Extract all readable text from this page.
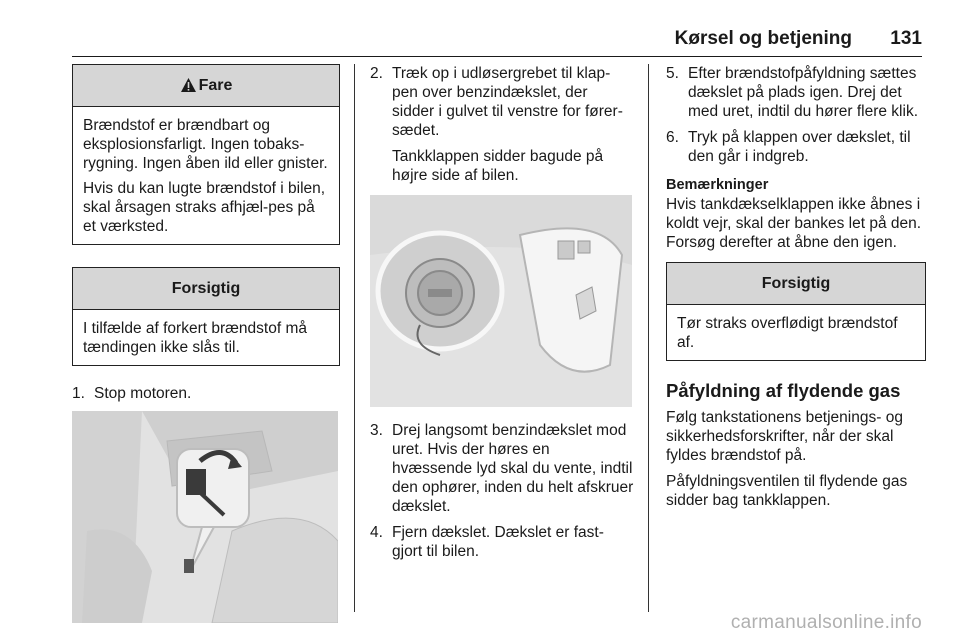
Kørsel og betjening 131
Fare

Brændstof er brændbart og eksplosionsfarligt. Ingen tobaks-rygning. Ingen åben ild eller gnister.

Hvis du kan lugte brændstof i bilen, skal årsagen straks afhjæl-pes på et værksted.

Forsigtig

I tilfælde af forkert brændstof må tændingen ikke slås til.

1. Stop motoren.
2. Træk op i udløsergrebet til klap-pen over benzindækslet, der sidder i gulvet til venstre for fører-sædet.

Tankklappen sidder bagude på højre side af bilen.

3. Drej langsomt benzindækslet mod uret. Hvis der høres en hvæssende lyd skal du vente, indtil den ophører, inden du helt afskruer dækslet.
4. Fjern dækslet. Dækslet er fast-gjort til bilen.
5. Efter brændstofpåfyldning sættes dækslet på plads igen. Drej det med uret, indtil du hører flere klik.
6. Tryk på klappen over dækslet, til den går i indgreb.
Bemærkninger

Hvis tankdækselklappen ikke åbnes i koldt vejr, skal der bankes let på den. Forsøg derefter at åbne den igen.

Forsigtig

Tør straks overflødigt brændstof af.

Påfyldning af flydende gas

Følg tankstationens betjenings- og sikkerhedsforskrifter, når der skal fyldes brændstof på.

Påfyldningsventilen til flydende gas sidder bag tankklappen.

carmanualsonline.info
